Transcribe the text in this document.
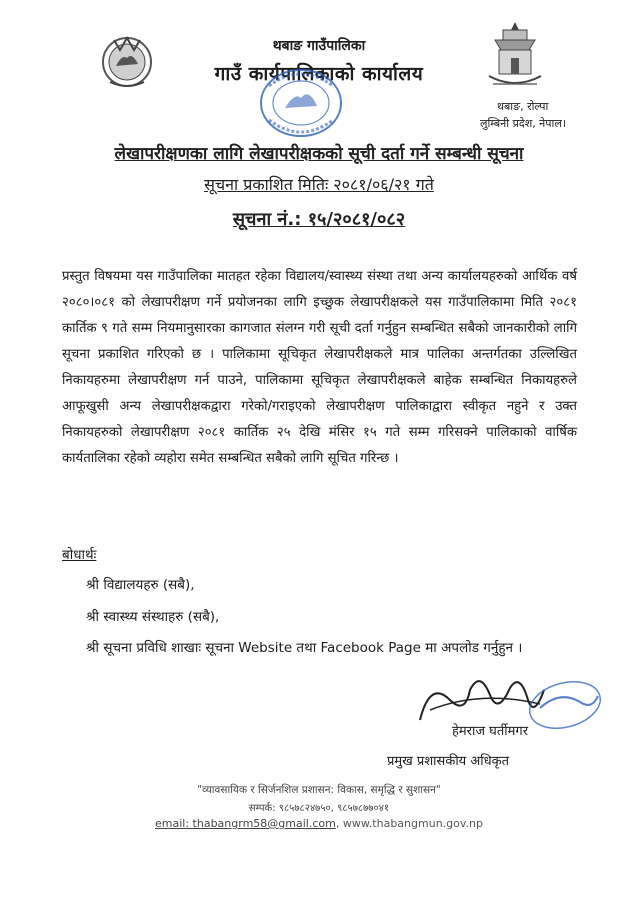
थबाङ गाउँपालिका
गाउँ कार्यपालिकाको कार्यालय
थबाङ, रोल्पा
लुम्बिनी प्रदेश, नेपाल।
लेखापरीक्षणका लागि लेखापरीक्षकको सूची दर्ता गर्ने सम्बन्धी सूचना
सूचना प्रकाशित मितिः २०८१/०६/२१ गते
सूचना नं.: १५/२०८१/०८२
प्रस्तुत विषयमा यस गाउँपालिका मातहत रहेका विद्यालय/स्वास्थ्य संस्था तथा अन्य कार्यालयहरुको आर्थिक वर्ष २०८०।०८१ को लेखापरीक्षण गर्ने प्रयोजनका लागि इच्छुक लेखापरीक्षकले यस गाउँपालिकामा मिति २०८१ कार्तिक ९ गते सम्म नियमानुसारका कागजात संलग्न गरी सूची दर्ता गर्नुहुन सम्बन्धित सबैको जानकारीको लागि सूचना प्रकाशित गरिएको छ । पालिकामा सूचिकृत लेखापरीक्षकले मात्र पालिका अन्तर्गतका उल्लिखित निकायहरुमा लेखापरीक्षण गर्न पाउने, पालिकामा सूचिकृत लेखापरीक्षकले बाहेक सम्बन्धित निकायहरुले आफूखुसी अन्य लेखापरीक्षकद्वारा गरेको/गराइएको लेखापरीक्षण पालिकाद्वारा स्वीकृत नहुने र उक्त निकायहरुको लेखापरीक्षण २०८१ कार्तिक २५ देखि मंसिर १५ गते सम्म गरिसक्ने पालिकाको वार्षिक कार्यतालिका रहेको व्यहोरा समेत सम्बन्धित सबैको लागि सूचित गरिन्छ ।
बोधार्थः
श्री विद्यालयहरु (सबै),
श्री स्वास्थ्य संस्थाहरु (सबै),
श्री सूचना प्रविधि शाखाः सूचना Website तथा Facebook Page मा अपलोड गर्नुहुन ।
हेमराज घर्तीमगर
प्रमुख प्रशासकीय अधिकृत
"व्यावसायिक र सिर्जनशिल प्रशासन: विकास, समृद्धि र सुशासन"
सम्पर्क: ९८५७८२४७५०, ९८५७८७७०४१
email: thabangrm58@gmail.com, www.thabangmun.gov.np
